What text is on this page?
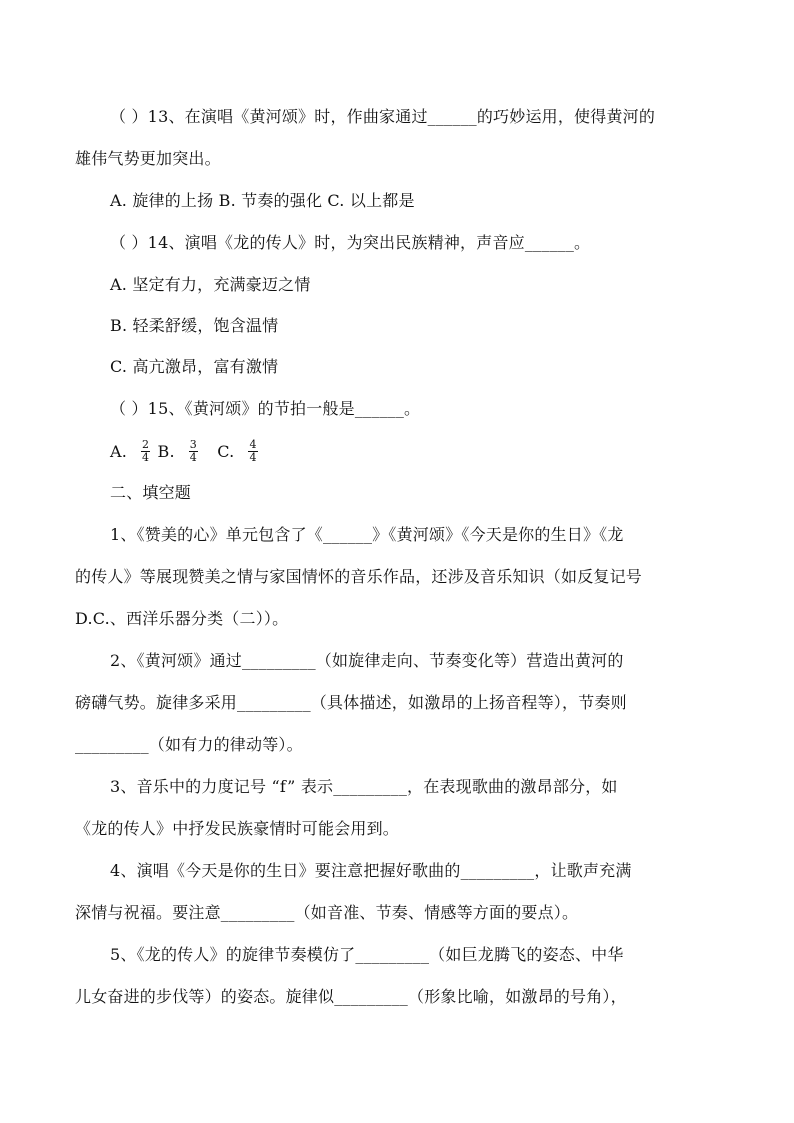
（ ）13、在演唱《黄河颂》时，作曲家通过______的巧妙运用，使得黄河的
雄伟气势更加突出。
A. 旋律的上扬 B. 节奏的强化 C. 以上都是
（ ）14、演唱《龙的传人》时，为突出民族精神，声音应______。
A. 坚定有力，充满豪迈之情
B. 轻柔舒缓，饱含温情
C. 高亢激昂，富有激情
（ ）15、《黄河颂》的节拍一般是______。
A. $\frac{2}{4} B$. $\frac{3}{4} C$. $\frac{4}{4}$
二、填空题
1、《赞美的心》单元包含了《______》《黄河颂》《今天是你的生日》《龙
的传人》等展现赞美之情与家国情怀的音乐作品，还涉及音乐知识（如反复记号
D.C.、西洋乐器分类（二））。
2、《黄河颂》通过_________（如旋律走向、节奏变化等）营造出黄河的
磅礴气势。旋律多采用_________（具体描述，如激昂的上扬音程等），节奏则
_________（如有力的律动等）。
3、音乐中的力度记号 “f” 表示_________，在表现歌曲的激昂部分，如
《龙的传人》中抒发民族豪情时可能会用到。
4、演唱《今天是你的生日》要注意把握好歌曲的_________，让歌声充满
深情与祝福。要注意_________（如音准、节奏、情感等方面的要点）。
5、《龙的传人》的旋律节奏模仿了_________（如巨龙腾飞的姿态、中华
儿女奋进的步伐等）的姿态。旋律似_________（形象比喻，如激昂的号角），
